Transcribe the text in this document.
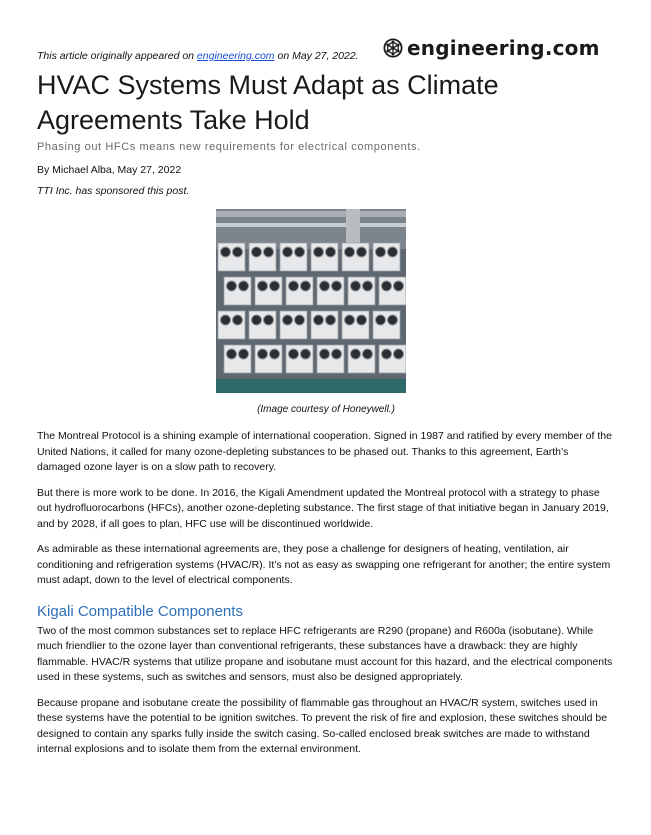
This article originally appeared on engineering.com on May 27, 2022. engineering.com
HVAC Systems Must Adapt as Climate Agreements Take Hold
Phasing out HFCs means new requirements for electrical components.
By Michael Alba, May 27, 2022
TTI Inc. has sponsored this post.
(Image courtesy of Honeywell.)

The Montreal Protocol is a shining example of international cooperation. Signed in 1987 and ratified by every member of the United Nations, it called for many ozone-depleting substances to be phased out. Thanks to this agreement, Earth’s damaged ozone layer is on a slow path to recovery.

But there is more work to be done. In 2016, the Kigali Amendment updated the Montreal protocol with a strategy to phase out hydrofluorocarbons (HFCs), another ozone-depleting substance. The first stage of that initiative began in January 2019, and by 2028, if all goes to plan, HFC use will be discontinued worldwide.

As admirable as these international agreements are, they pose a challenge for designers of heating, ventilation, air conditioning and refrigeration systems (HVAC/R). It’s not as easy as swapping one refrigerant for another; the entire system must adapt, down to the level of electrical components.

Kigali Compatible Components

Two of the most common substances set to replace HFC refrigerants are R290 (propane) and R600a (isobutane). While much friendlier to the ozone layer than conventional refrigerants, these substances have a drawback: they are highly flammable. HVAC/R systems that utilize propane and isobutane must account for this hazard, and the electrical components used in these systems, such as switches and sensors, must also be designed appropriately.

Because propane and isobutane create the possibility of flammable gas throughout an HVAC/R system, switches used in these systems have the potential to be ignition switches. To prevent the risk of fire and explosion, these switches should be designed to contain any sparks fully inside the switch casing. So-called enclosed break switches are made to withstand internal explosions and to isolate them from the external environment.
